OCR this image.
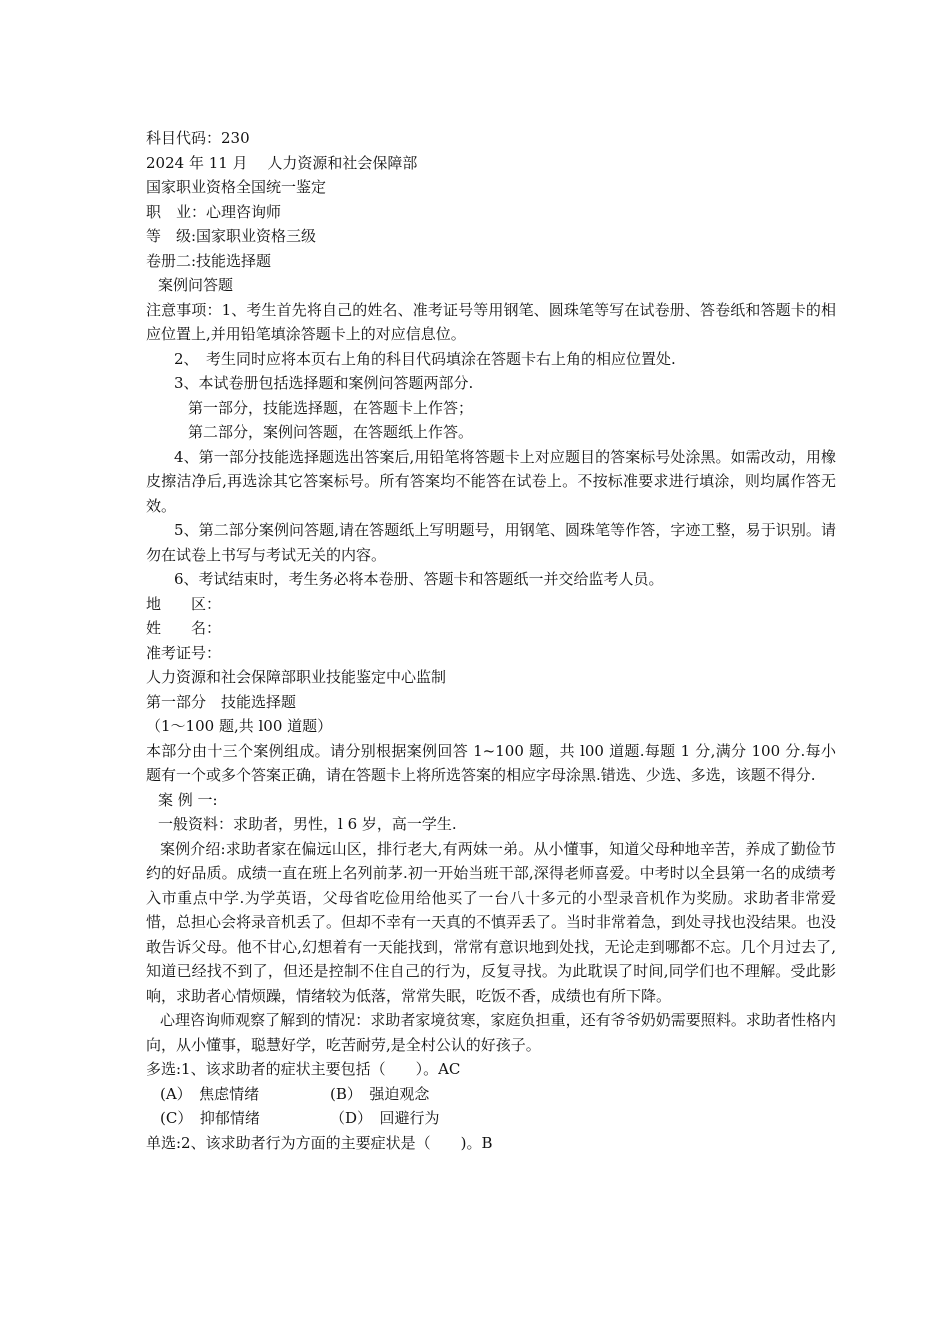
科目代码：230
2024 年 11 月　 人力资源和社会保障部
国家职业资格全国统一鉴定
职　业：心理咨询师
等　级:国家职业资格三级
卷册二:技能选择题
案例问答题
注意事项：1、考生首先将自己的姓名、准考证号等用钢笔、圆珠笔等写在试卷册、答卷纸和答题卡的相应位置上,并用铅笔填涂答题卡上的对应信息位。
2、　考生同时应将本页右上角的科目代码填涂在答题卡右上角的相应位置处.
3、本试卷册包括选择题和案例问答题两部分.
第一部分，技能选择题，在答题卡上作答；
第二部分，案例问答题，在答题纸上作答。
4、第一部分技能选择题选出答案后,用铅笔将答题卡上对应题目的答案标号处涂黑。如需改动，用橡皮擦洁净后,再选涂其它答案标号。所有答案均不能答在试卷上。不按标准要求进行填涂，则均属作答无效。
5、第二部分案例问答题,请在答题纸上写明题号，用钢笔、圆珠笔等作答，字迹工整，易于识别。请勿在试卷上书写与考试无关的内容。
6、考试结束时，考生务必将本卷册、答题卡和答题纸一并交给监考人员。
地　　区：
姓　　名：
准考证号：
人力资源和社会保障部职业技能鉴定中心监制
第一部分　技能选择题
（1～100 题,共 l00 道题）
本部分由十三个案例组成。请分别根据案例回答 1~100 题，共 l00 道题.每题 1 分,满分 100 分.每小题有一个或多个答案正确，请在答题卡上将所选答案的相应字母涂黑.错选、少选、多选，该题不得分.
案 例 一:
一般资料：求助者，男性，l 6 岁，高一学生.
案例介绍:求助者家在偏远山区，排行老大,有两妹一弟。从小懂事，知道父母种地辛苦，养成了勤俭节约的好品质。成绩一直在班上名列前茅.初一开始当班干部,深得老师喜爱。中考时以全县第一名的成绩考入市重点中学.为学英语，父母省吃俭用给他买了一台八十多元的小型录音机作为奖励。求助者非常爱惜，总担心会将录音机丢了。但却不幸有一天真的不慎弄丢了。当时非常着急，到处寻找也没结果。也没敢告诉父母。他不甘心,幻想着有一天能找到，常常有意识地到处找，无论走到哪都不忘。几个月过去了,知道已经找不到了，但还是控制不住自己的行为，反复寻找。为此耽误了时间,同学们也不理解。受此影响，求助者心情烦躁，情绪较为低落，常常失眠，吃饭不香，成绩也有所下降。
心理咨询师观察了解到的情况：求助者家境贫寒，家庭负担重，还有爷爷奶奶需要照料。求助者性格内向，从小懂事，聪慧好学，吃苦耐劳,是全村公认的好孩子。
多选:1、该求助者的症状主要包括（　　）。AC
(A）　焦虑情绪	(B）　强迫观念
(C）　抑郁情绪	（D）　回避行为
单选:2、该求助者行为方面的主要症状是（　　)。B
